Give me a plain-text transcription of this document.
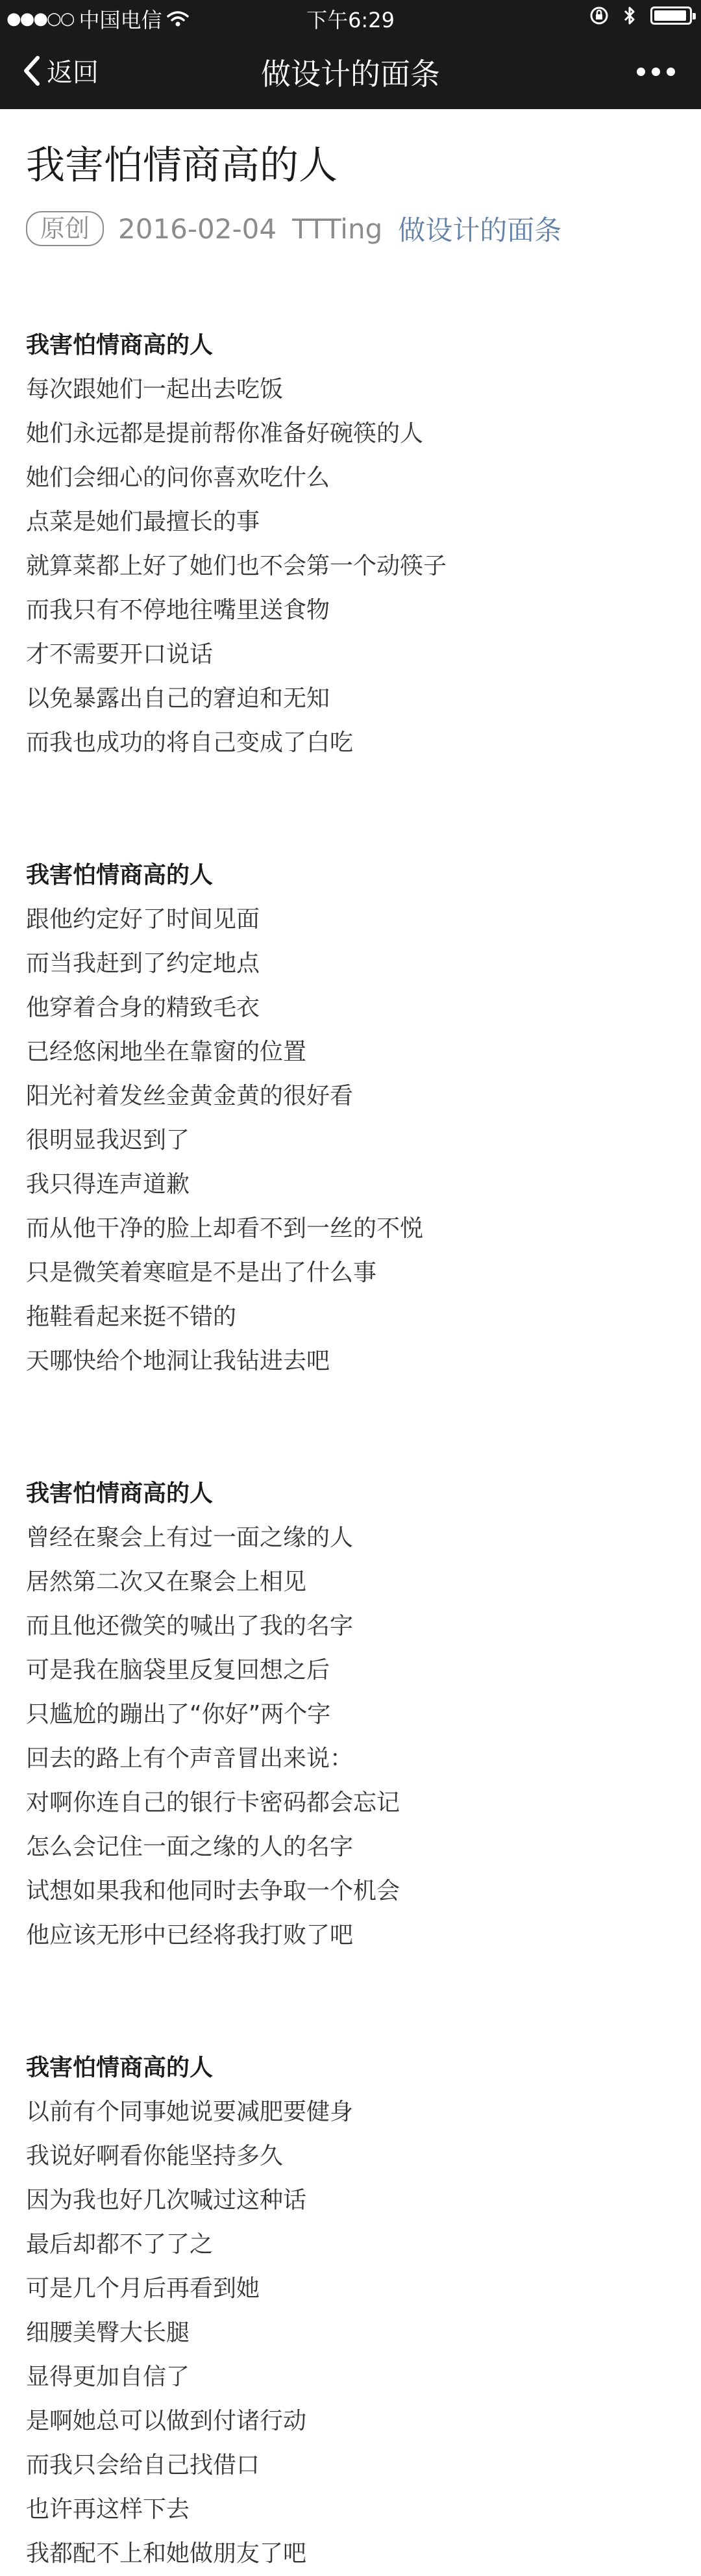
●●●○○ 中国电信	下午6:29
返回	做设计的面条
我害怕情商高的人
原创	2016-02-04 TTTing 做设计的面条
我害怕情商高的人
每次跟她们一起出去吃饭
她们永远都是提前帮你准备好碗筷的人
她们会细心的问你喜欢吃什么
点菜是她们最擅长的事
就算菜都上好了她们也不会第一个动筷子
而我只有不停地往嘴里送食物
才不需要开口说话
以免暴露出自己的窘迫和无知
而我也成功的将自己变成了白吃
我害怕情商高的人
跟他约定好了时间见面
而当我赶到了约定地点
他穿着合身的精致毛衣
已经悠闲地坐在靠窗的位置
阳光衬着发丝金黄金黄的很好看
很明显我迟到了
我只得连声道歉
而从他干净的脸上却看不到一丝的不悦
只是微笑着寒暄是不是出了什么事
拖鞋看起来挺不错的
天哪快给个地洞让我钻进去吧
我害怕情商高的人
曾经在聚会上有过一面之缘的人
居然第二次又在聚会上相见
而且他还微笑的喊出了我的名字
可是我在脑袋里反复回想之后
只尴尬的蹦出了“你好”两个字
回去的路上有个声音冒出来说：
对啊你连自己的银行卡密码都会忘记
怎么会记住一面之缘的人的名字
试想如果我和他同时去争取一个机会
他应该无形中已经将我打败了吧
我害怕情商高的人
以前有个同事她说要减肥要健身
我说好啊看你能坚持多久
因为我也好几次喊过这种话
最后却都不了了之
可是几个月后再看到她
细腰美臀大长腿
显得更加自信了
是啊她总可以做到付诸行动
而我只会给自己找借口
也许再这样下去
我都配不上和她做朋友了吧
